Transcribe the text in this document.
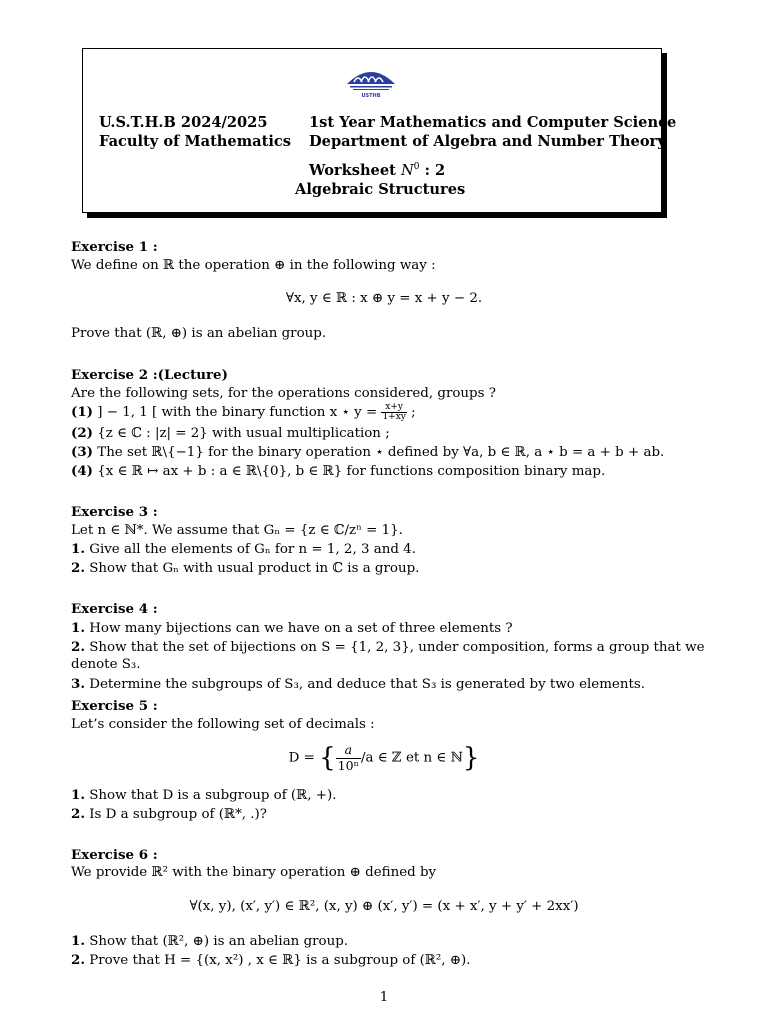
USTHB
U.S.T.H.B 2024/2025
Faculty of Mathematics
1st Year Mathematics and Computer Science
Department of Algebra and Number Theory
Worksheet $N^0$ : 2
Algebraic Structures
Exercise 1 :
We define on ℝ the operation ⊕ in the following way :
∀x, y ∈ ℝ : x ⊕ y = x + y − 2.
Prove that (ℝ, ⊕) is an abelian group.
Exercise 2 :(Lecture)
Are the following sets, for the operations considered, groups ?
(1) ] − 1, 1 [ with the binary function x ⋆ $y = \frac{x+y}{1+xy}$ ;
(2) {z ∈ ℂ : |z| = 2} with usual multiplication ;
(3) The set ℝ\{−1} for the binary operation ⋆ defined by ∀a, b ∈ ℝ, a ⋆ b = a + b + ab.
(4) {x ∈ ℝ ↦ ax + b : a ∈ ℝ\{0}, b ∈ ℝ} for functions composition binary map.
Exercise 3 :
Let n ∈ ℕ*. We assume that Gₙ = {z ∈ ℂ/zⁿ = 1}.
1. Give all the elements of Gₙ for n = 1, 2, 3 and 4.
2. Show that Gₙ with usual product in ℂ is a group.
Exercise 4 :
1. How many bijections can we have on a set of three elements ?
2. Show that the set of bijections on S = {1, 2, 3}, under composition, forms a group that we
denote S₃.
3. Determine the subgroups of S₃, and deduce that S₃ is generated by two elements.
Exercise 5 :
Let’s consider the following set of decimals :
D = { $\frac{a}{\text{10ⁿ}} /a$ ∈ ℤ et n ∈ ℕ}
1. Show that D is a subgroup of (ℝ, +).
2. Is D a subgroup of (ℝ*, .)?
Exercise 6 :
We provide ℝ² with the binary operation ⊕ defined by
∀(x, y), (x′, y′) ∈ ℝ², (x, y) ⊕ (x′, y′) = (x + x′, y + y′ + 2xx′)
1. Show that (ℝ², ⊕) is an abelian group.
2. Prove that H = {(x, x²) , x ∈ ℝ} is a subgroup of (ℝ², ⊕).
1
